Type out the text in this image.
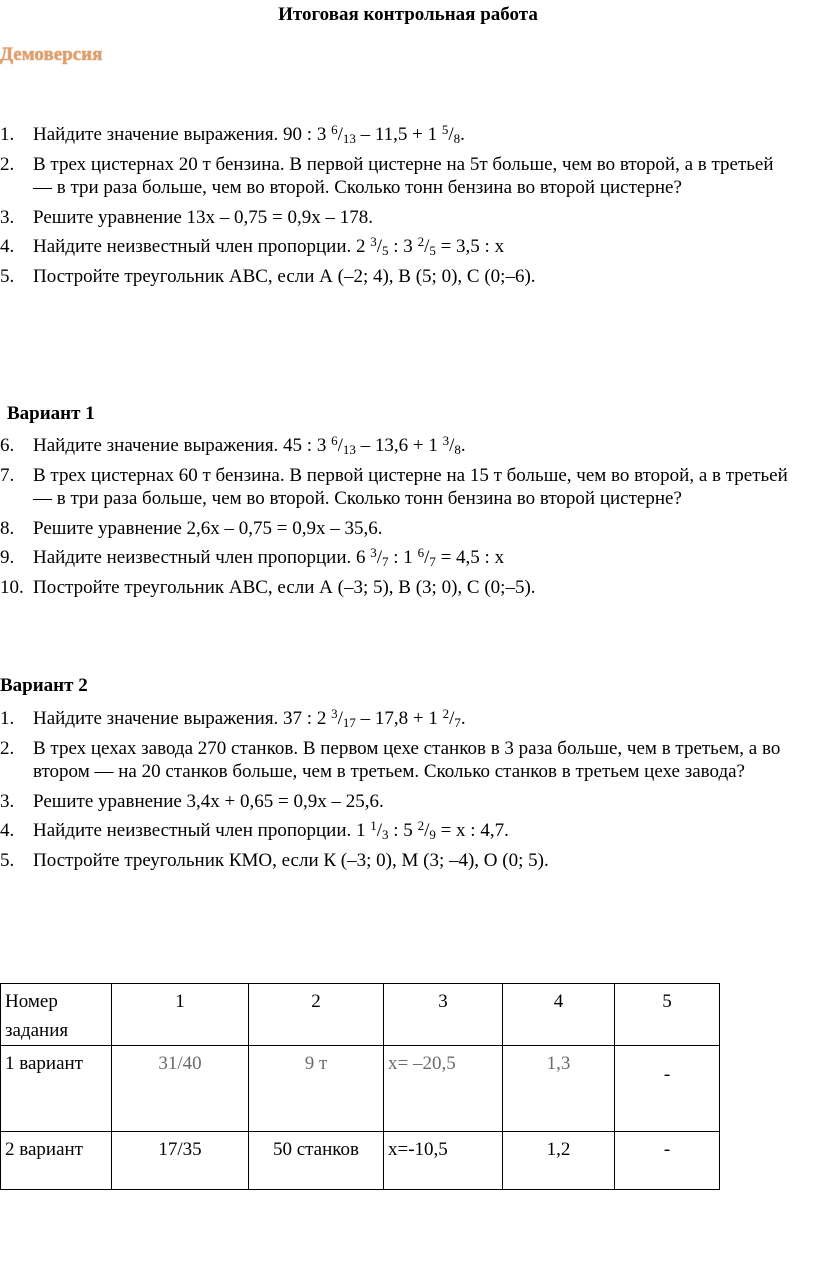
Итоговая контрольная работа
Демоверсия
1. Найдите значение выражения. 90 : 3 $^6/_{13} - 11,5 + 1$ $^5/_8$.
2. В трех цистернах 20 т бензина. В первой цистерне на 5т больше, чем во второй, а в третьей — в три раза больше, чем во второй. Сколько тонн бензина во второй цистерне?
3. Решите уравнение 13х – 0,75 = 0,9х – 178.
4. Найдите неизвестный член пропорции. 2 $^3/_5$ : 3 $^2/_5 = 3,5$ : х
5. Постройте треугольник АВС, если А (–2; 4), В (5; 0), С (0;–6).
Вариант 1
6. Найдите значение выражения. 45 : 3 $^6/_{13} - 13,6 + 1$ $^3/_8$.
7. В трех цистернах 60 т бензина. В первой цистерне на 15 т больше, чем во второй, а в третьей — в три раза больше, чем во второй. Сколько тонн бензина во второй цистерне?
8. Решите уравнение 2,6х – 0,75 = 0,9х – 35,6.
9. Найдите неизвестный член пропорции. 6 $^3/_7$ : 1 $^6/_7 = 4,5$ : х
10. Постройте треугольник АВС, если А (–3; 5), В (3; 0), С (0;–5).
Вариант 2
1. Найдите значение выражения. 37 : 2 $^3/_{17} - 17,8 + 1$ $^2/_7$.
2. В трех цехах завода 270 станков. В первом цехе станков в 3 раза больше, чем в третьем, а во втором — на 20 станков больше, чем в третьем. Сколько станков в третьем цехе завода?
3. Решите уравнение 3,4х + 0,65 = 0,9х – 25,6.
4. Найдите неизвестный член пропорции. 1 $^1/_3$ : 5 $^2/_9 = х$ : 4,7.
5. Постройте треугольник КМО, если К (–3; 0), М (3; –4), О (0; 5).
Номер задания	1	2	3	4	5
1 вариант	31/40	9 т	х= –20,5	1,3	-
2 вариант	17/35	50 станков	х=-10,5	1,2	-
